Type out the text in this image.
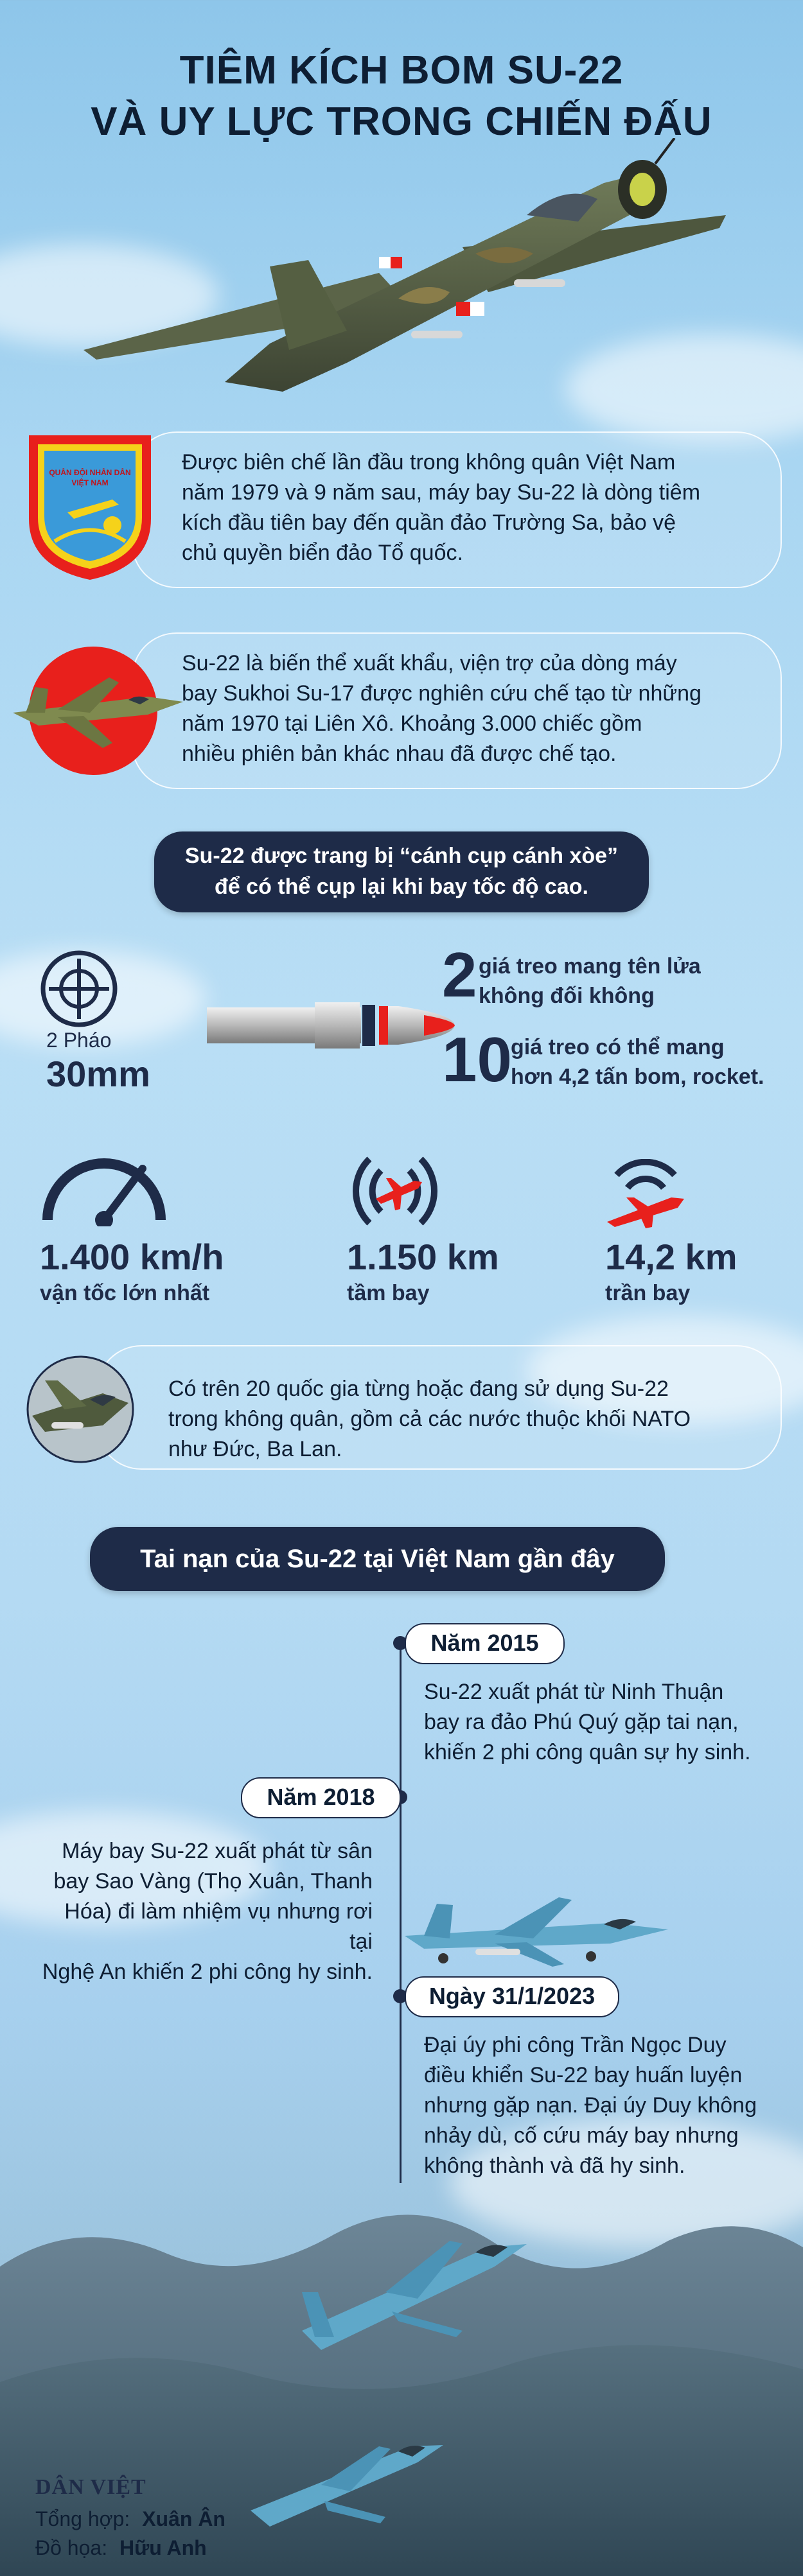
TIÊM KÍCH BOM SU-22
VÀ UY LỰC TRONG CHIẾN ĐẤU
QUÂN ĐỘI NHÂN DÂN
VIỆT NAM
Được biên chế lần đầu trong không quân Việt Nam
năm 1979 và 9 năm sau, máy bay Su-22 là dòng tiêm
kích đầu tiên bay đến quần đảo Trường Sa, bảo vệ
chủ quyền biển đảo Tổ quốc.
Su-22 là biến thể xuất khẩu, viện trợ của dòng máy
bay Sukhoi Su-17 được nghiên cứu chế tạo từ những
năm 1970 tại Liên Xô. Khoảng 3.000 chiếc gồm
nhiều phiên bản khác nhau đã được chế tạo.
Su-22 được trang bị “cánh cụp cánh xòe”
để có thể cụp lại khi bay tốc độ cao.
2 Pháo
30mm
2 giá treo mang tên lửa
không đối không
10
giá treo có thể mang
hơn 4,2 tấn bom, rocket.
1.400 km/h
vận tốc lớn nhất
1.150 km
tầm bay
14,2 km
trần bay
Có trên 20 quốc gia từng hoặc đang sử dụng Su-22
trong không quân, gồm cả các nước thuộc khối NATO
như Đức, Ba Lan.
Tai nạn của Su-22 tại Việt Nam gần đây
Năm 2015
Su-22 xuất phát từ Ninh Thuận
bay ra đảo Phú Quý gặp tai nạn,
khiến 2 phi công quân sự hy sinh.
Năm 2018
Máy bay Su-22 xuất phát từ sân
bay Sao Vàng (Thọ Xuân, Thanh
Hóa) đi làm nhiệm vụ nhưng rơi tại
Nghệ An khiến 2 phi công hy sinh.
Ngày 31/1/2023
Đại úy phi công Trần Ngọc Duy
điều khiển Su-22 bay huấn luyện
nhưng gặp nạn. Đại úy Duy không
nhảy dù, cố cứu máy bay nhưng
không thành và đã hy sinh.
DÂN VIỆT
Tổng hợp: Xuân Ân
Đồ họa: Hữu Anh
